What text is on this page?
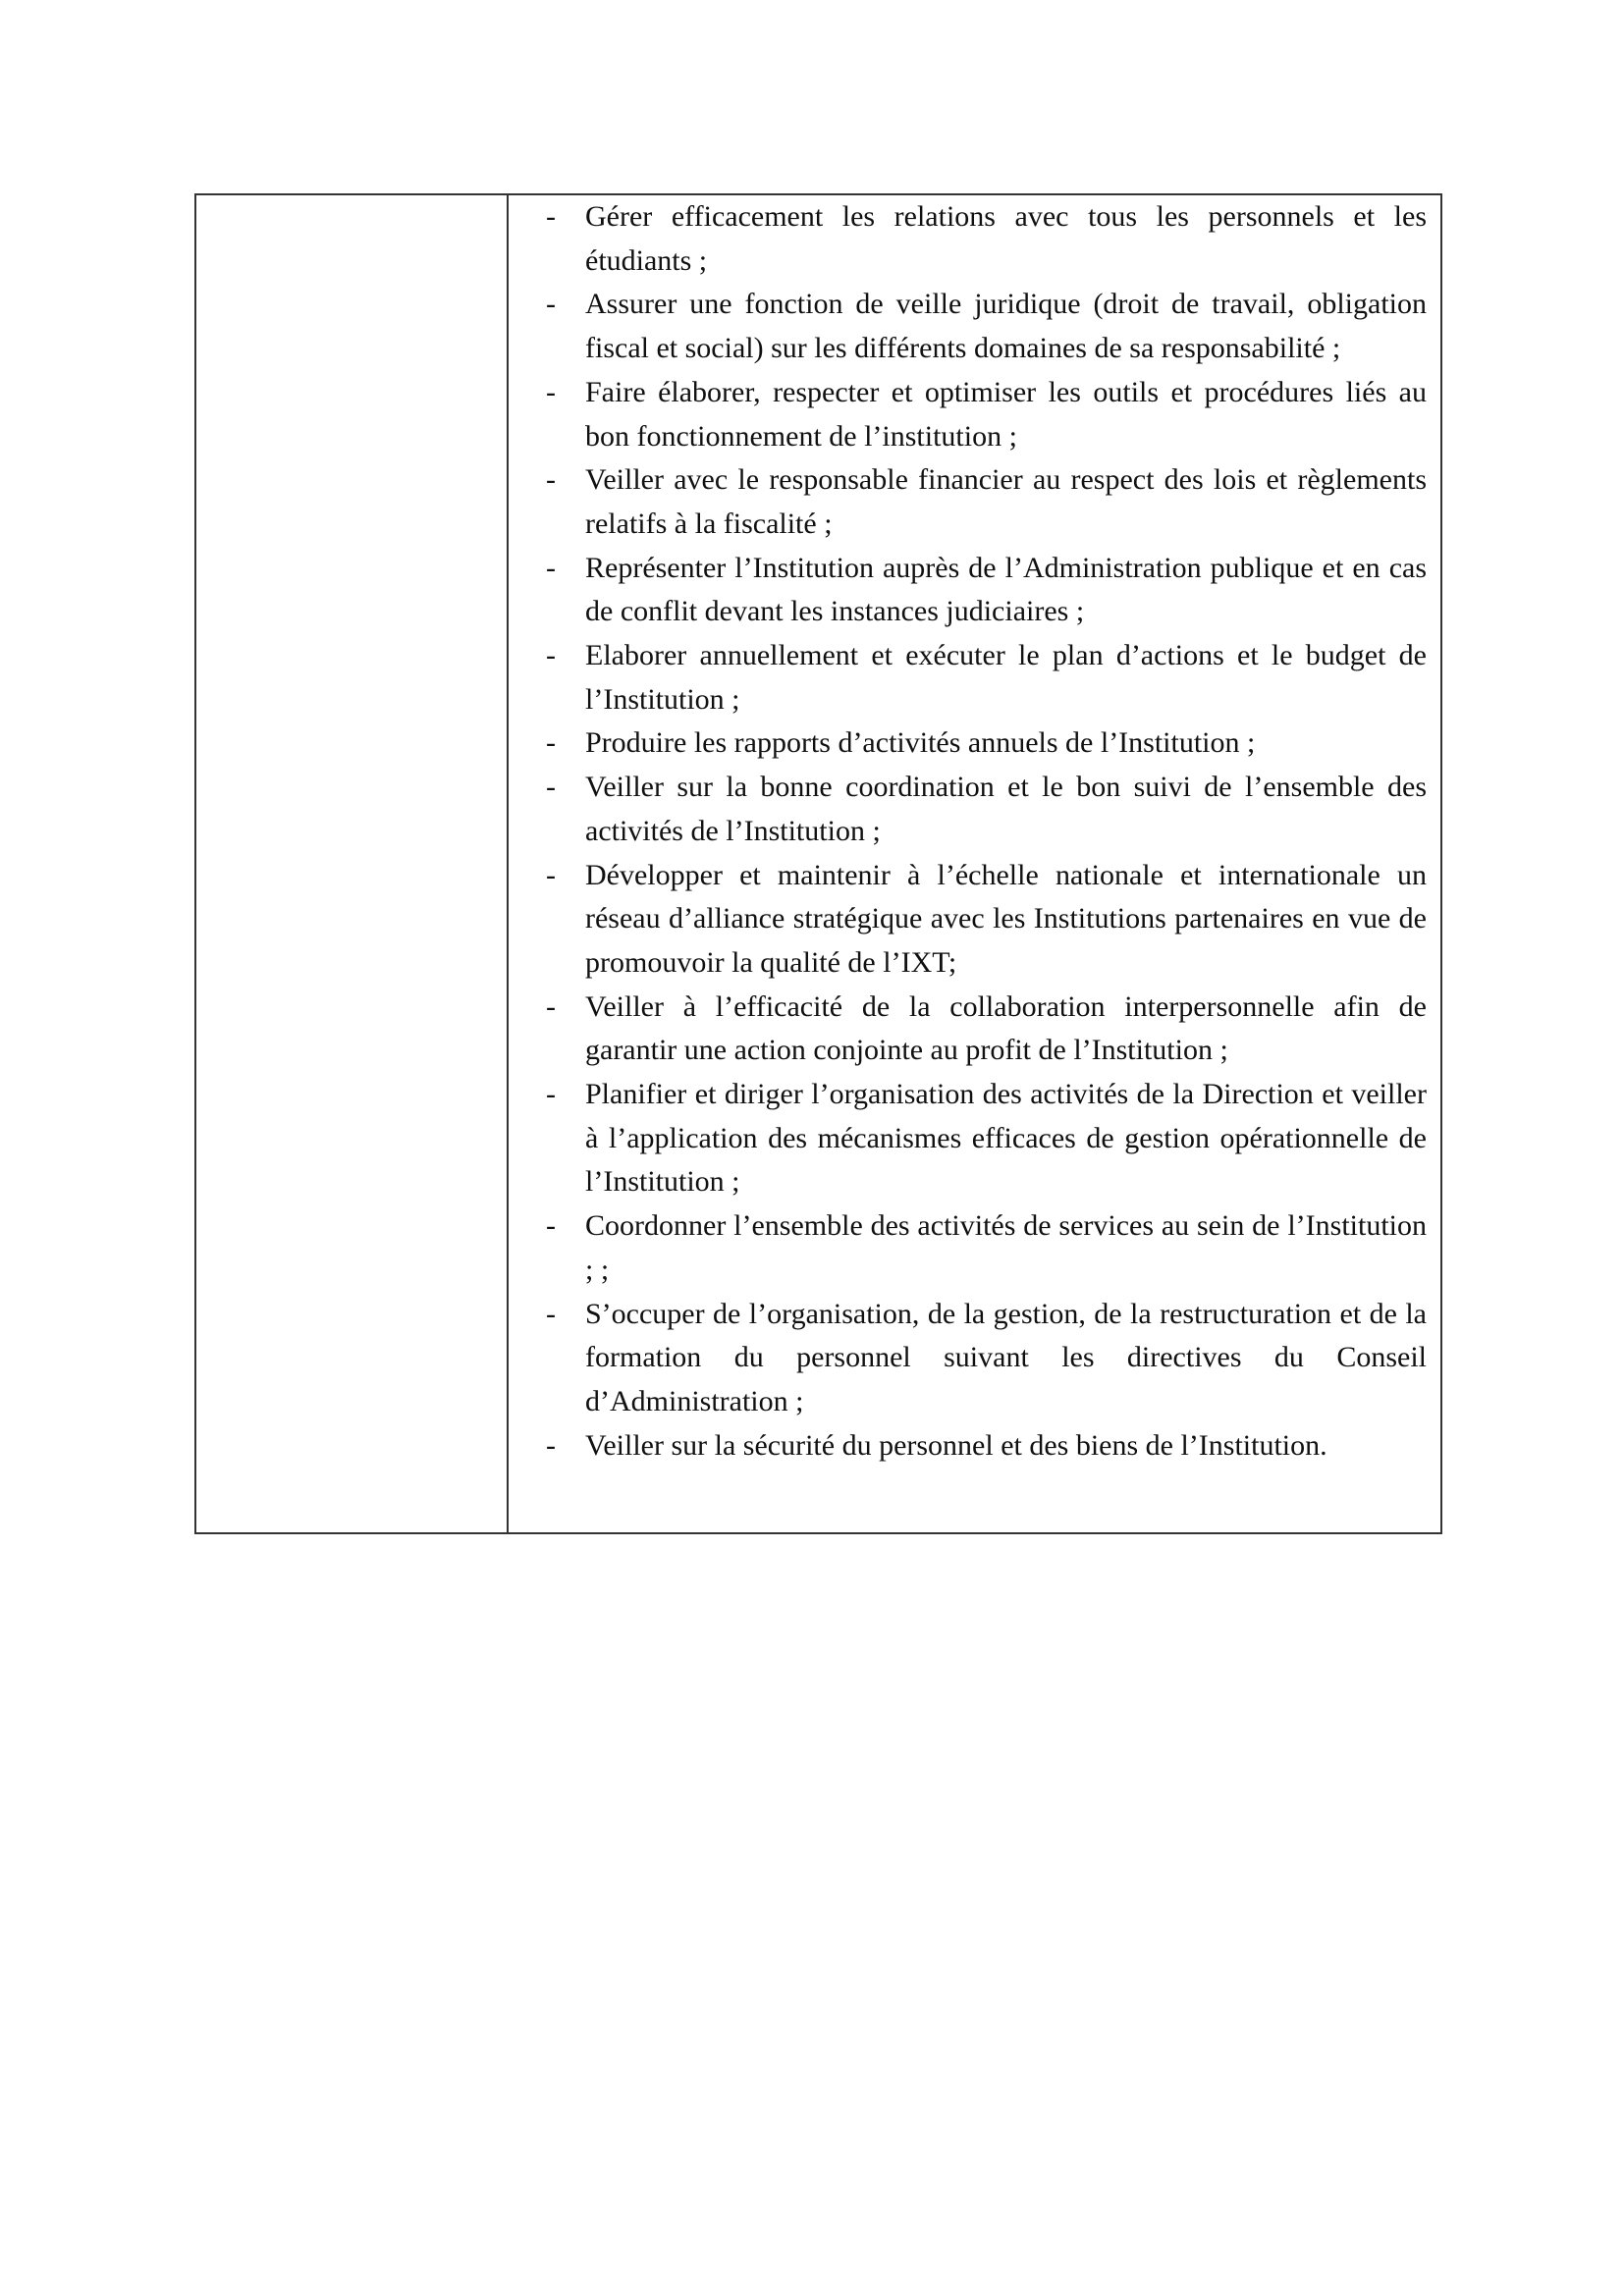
- Gérer efficacement les relations avec tous les personnels et les étudiants ;
- Assurer une fonction de veille juridique (droit de travail, obligation fiscal et social) sur les différents domaines de sa responsabilité ;
- Faire élaborer, respecter et optimiser les outils et procédures liés au bon fonctionnement de l’institution ;
- Veiller avec le responsable financier au respect des lois et règlements relatifs à la fiscalité ;
- Représenter l’Institution auprès de l’Administration publique et en cas de conflit devant les instances judiciaires ;
- Elaborer annuellement et exécuter le plan d’actions et le budget de l’Institution ;
- Produire les rapports d’activités annuels de l’Institution ;
- Veiller sur la bonne coordination et le bon suivi de l’ensemble des activités de l’Institution ;
- Développer et maintenir à l’échelle nationale et internationale un réseau d’alliance stratégique avec les Institutions partenaires en vue de promouvoir la qualité de l’IXT;
- Veiller à l’efficacité de la collaboration interpersonnelle afin de garantir une action conjointe au profit de l’Institution ;
- Planifier et diriger l’organisation des activités de la Direction et veiller à l’application des mécanismes efficaces de gestion opérationnelle de l’Institution ;
- Coordonner l’ensemble des activités de services au sein de l’Institution ; ;
- S’occuper de l’organisation, de la gestion, de la restructuration et de la formation du personnel suivant les directives du Conseil d’Administration ;
- Veiller sur la sécurité du personnel et des biens de l’Institution.
